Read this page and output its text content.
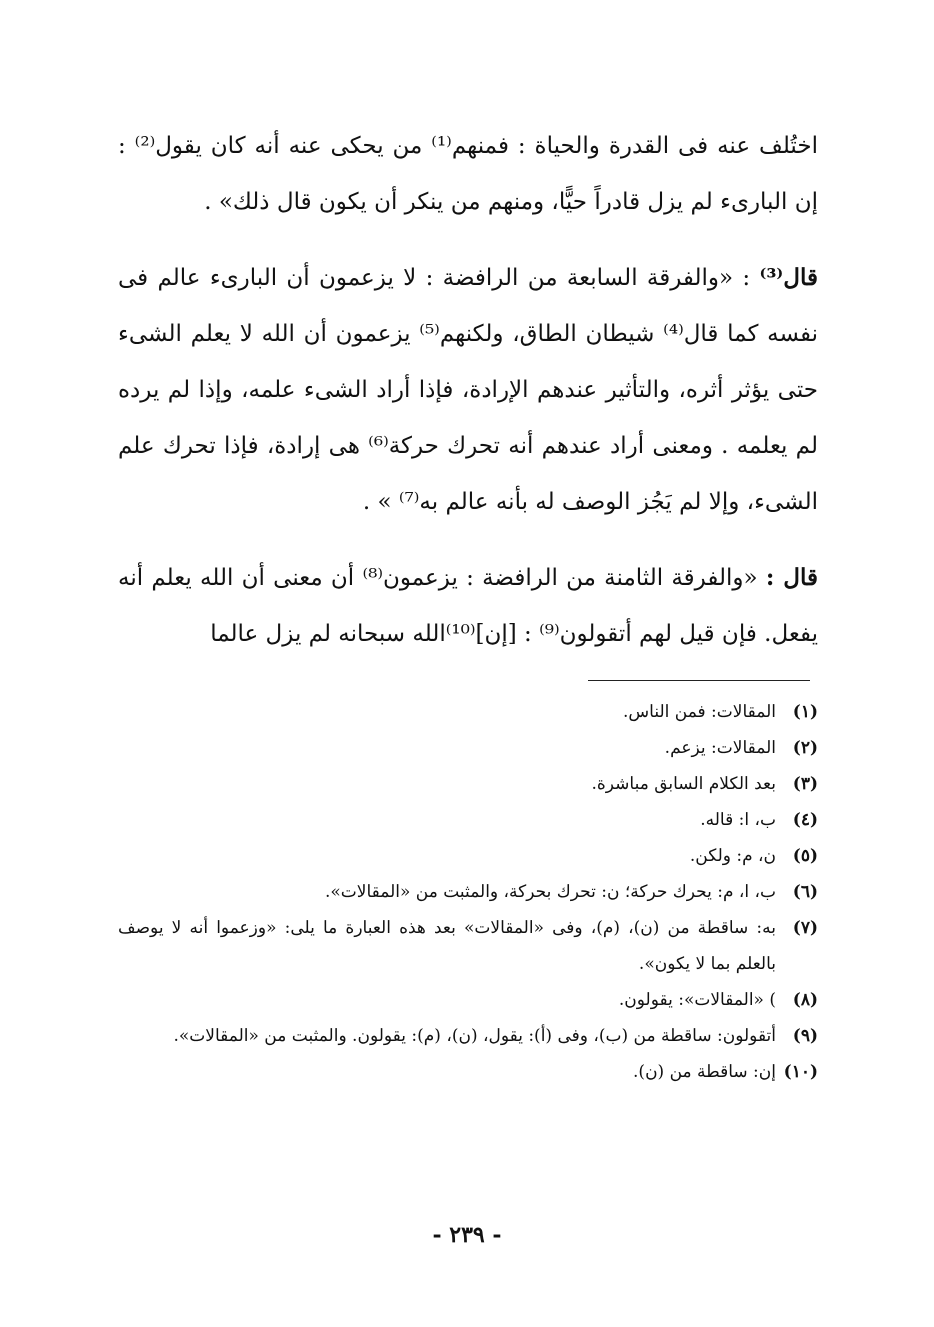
اختُلف عنه فى القدرة والحياة : فمنهم⁽¹⁾ من يحكى عنه أنه كان يقول⁽²⁾ : إن البارىء لم يزل قادراً حيًّا، ومنهم من ينكر أن يكون قال ذلك» .

قال⁽³⁾ : «والفرقة السابعة من الرافضة : لا يزعمون أن البارىء عالم فى نفسه كما قال⁽⁴⁾ شيطان الطاق، ولكنهم⁽⁵⁾ يزعمون أن الله لا يعلم الشىء حتى يؤثر أثره، والتأثير عندهم الإرادة، فإذا أراد الشىء علمه، وإذا لم يرده لم يعلمه . ومعنى أراد عندهم أنه تحرك حركة⁽⁶⁾ هى إرادة، فإذا تحرك علم الشىء، وإلا لم يَجُز الوصف له بأنه عالم به⁽⁷⁾ » .

قال : «والفرقة الثامنة من الرافضة : يزعمون⁽⁸⁾ أن معنى أن الله يعلم أنه يفعل. فإن قيل لهم أتقولون⁽⁹⁾ : [إن]⁽¹⁰⁾الله سبحانه لم يزل عالما

(١)
المقالات: فمن الناس.
(٢)
المقالات: يزعم.
(٣)
بعد الكلام السابق مباشرة.
(٤)
ب، ا: قاله.
(٥)
ن، م: ولكن.
(٦)
ب، ا، م: يحرك حركة؛ ن: تحرك بحركة، والمثبت من «المقالات».
(٧)
به: ساقطة من (ن)، (م)، وفى «المقالات» بعد هذه العبارة ما يلى: «وزعموا أنه لا يوصف بالعلم بما لا يكون».
(٨)
) «المقالات»: يقولون.
(٩)
أتقولون: ساقطة من (ب)، وفى (أ): يقول، (ن)، (م): يقولون. والمثبت من «المقالات».
(١٠)
إن: ساقطة من (ن).
- ٢٣٩ -
